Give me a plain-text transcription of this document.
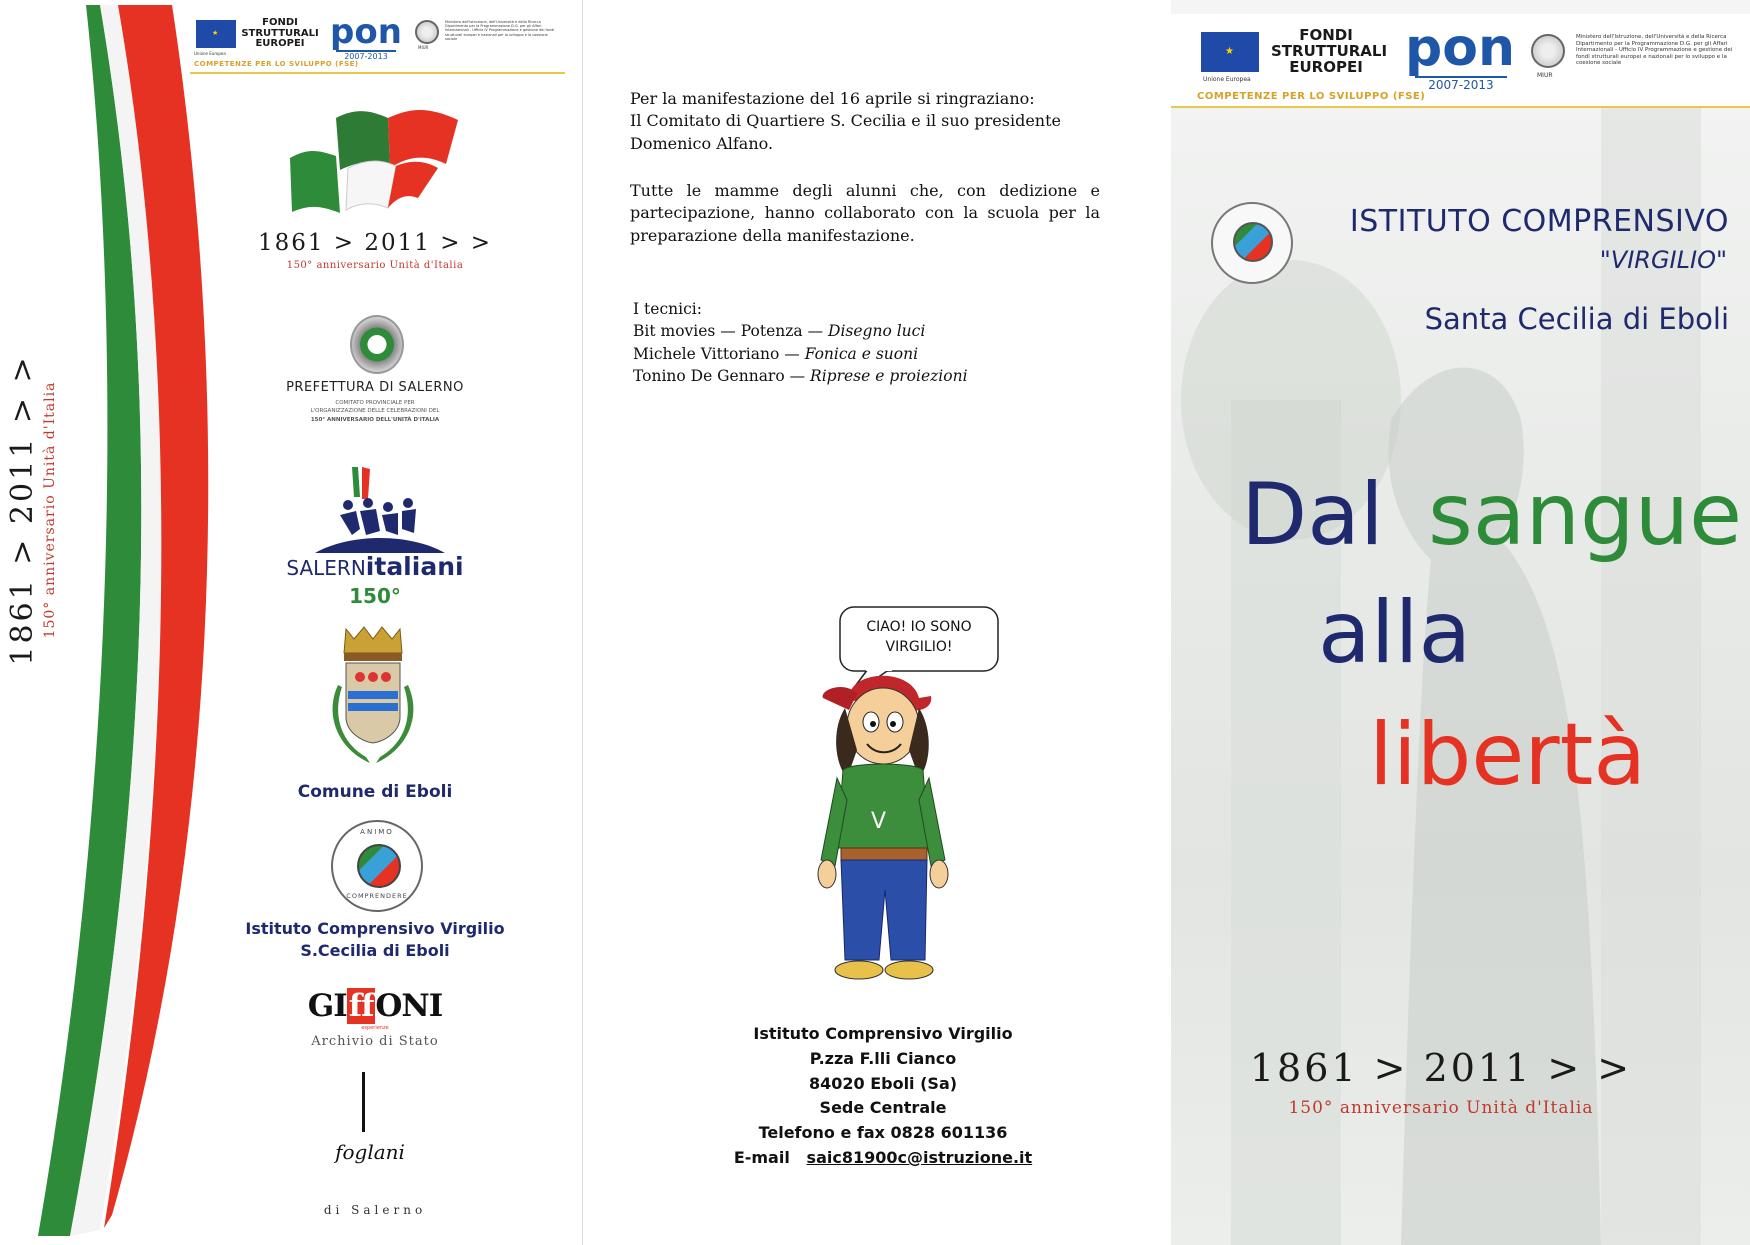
1861 > 2011 > > 150° anniversario Unità d'Italia
★
Unione Europea
FONDI
STRUTTURALI
EUROPEI pon
2007-2013
MIUR
Ministero dell'Istruzione, dell'Università e della Ricerca Dipartimento per la Programmazione D.G. per gli Affari Internazionali - Ufficio IV Programmazione e gestione dei fondi strutturali europei e nazionali per lo sviluppo e la coesione sociale
COMPETENZE PER LO SVILUPPO (FSE)
1861 > 2011 > >
150° anniversario Unità d'Italia
PREFETTURA DI SALERNO
COMITATO PROVINCIALE PER
L'ORGANIZZAZIONE DELLE CELEBRAZIONI DEL
150° ANNIVERSARIO DELL'UNITÀ D'ITALIA
SALERNitaliani
150°
Comune di Eboli
ANIMO
COMPRENDERE
Istituto Comprensivo Virgilio
S.Cecilia di Eboli
GIffONI
esperienze
Archivio di Stato
foglani
di Salerno
Per la manifestazione del 16 aprile si ringraziano:
Il Comitato di Quartiere S. Cecilia e il suo presidente
Domenico Alfano.
Tutte le mamme degli alunni che, con dedizione e partecipazione, hanno collaborato con la scuola per la preparazione della manifestazione.
I tecnici:
Bit movies — Potenza — Disegno luci
Michele Vittoriano — Fonica e suoni
Tonino De Gennaro — Riprese e proiezioni
CIAO! IO SONO
VIRGILIO!
V
Istituto Comprensivo Virgilio
P.zza F.lli Cianco
84020 Eboli (Sa)
Sede Centrale
Telefono e fax 0828 601136
E-mail saic81900c@istruzione.it
★
Unione Europea
FONDI
STRUTTURALI
EUROPEI pon
2007-2013
MIUR
Ministero dell'Istruzione, dell'Università e della Ricerca Dipartimento per la Programmazione D.G. per gli Affari Internazionali - Ufficio IV Programmazione e gestione dei fondi strutturali europei e nazionali per lo sviluppo e la coesione sociale
COMPETENZE PER LO SVILUPPO (FSE)
ISTITUTO COMPRENSIVO
"VIRGILIO"
Santa Cecilia di Eboli
Dal sangue
alla
libertà
1861 > 2011 > >
150° anniversario Unità d'Italia
